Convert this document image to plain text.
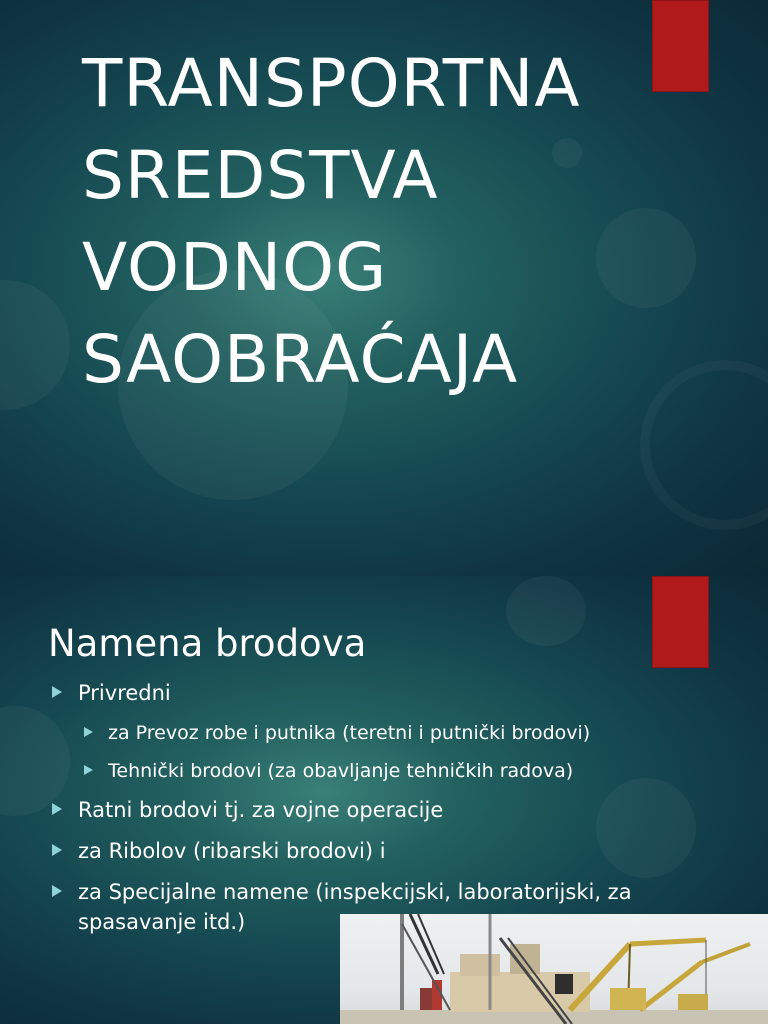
TRANSPORTNA
SREDSTVA
VODNOG
SAOBRAĆAJA
Namena brodova
Privredni
za Prevoz robe i putnika (teretni i putnički brodovi)
Tehnički brodovi (za obavljanje tehničkih radova)
Ratni brodovi tj. za vojne operacije
za Ribolov (ribarski brodovi) i
za Specijalne namene (inspekcijski, laboratorijski, za spasavanje itd.)
